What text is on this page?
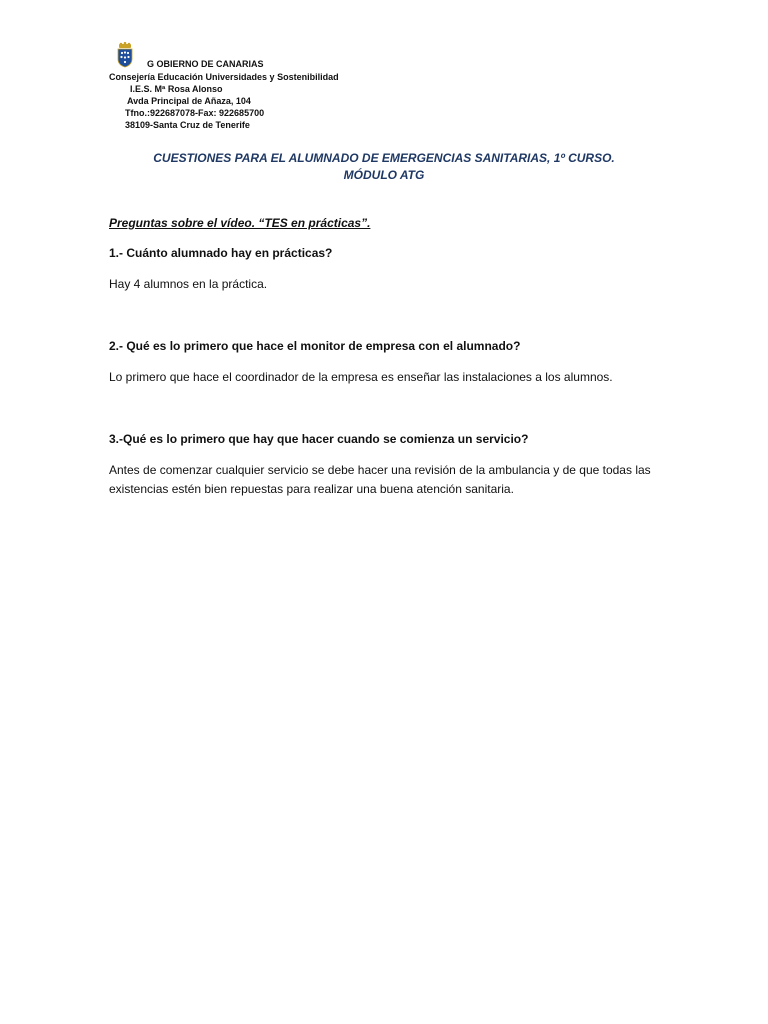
G OBIERNO DE CANARIAS
Consejería Educación Universidades y Sostenibilidad
I.E.S. Mª Rosa Alonso
Avda Principal de Añaza, 104
Tfno.:922687078-Fax: 922685700
38109-Santa Cruz de Tenerife
CUESTIONES PARA EL ALUMNADO DE EMERGENCIAS SANITARIAS, 1º CURSO.
MÓDULO ATG
Preguntas sobre el vídeo. “TES en prácticas”.
1.- Cuánto alumnado hay en prácticas?
Hay 4 alumnos en la práctica.
2.- Qué es lo primero que hace el monitor de empresa con el alumnado?
Lo primero que hace el coordinador de la empresa es enseñar las instalaciones a los alumnos.
3.-Qué es lo primero que hay que hacer cuando se comienza un servicio?
Antes de comenzar cualquier servicio se debe hacer una revisión de la ambulancia y de que todas las existencias estén bien repuestas para realizar una buena atención sanitaria.
